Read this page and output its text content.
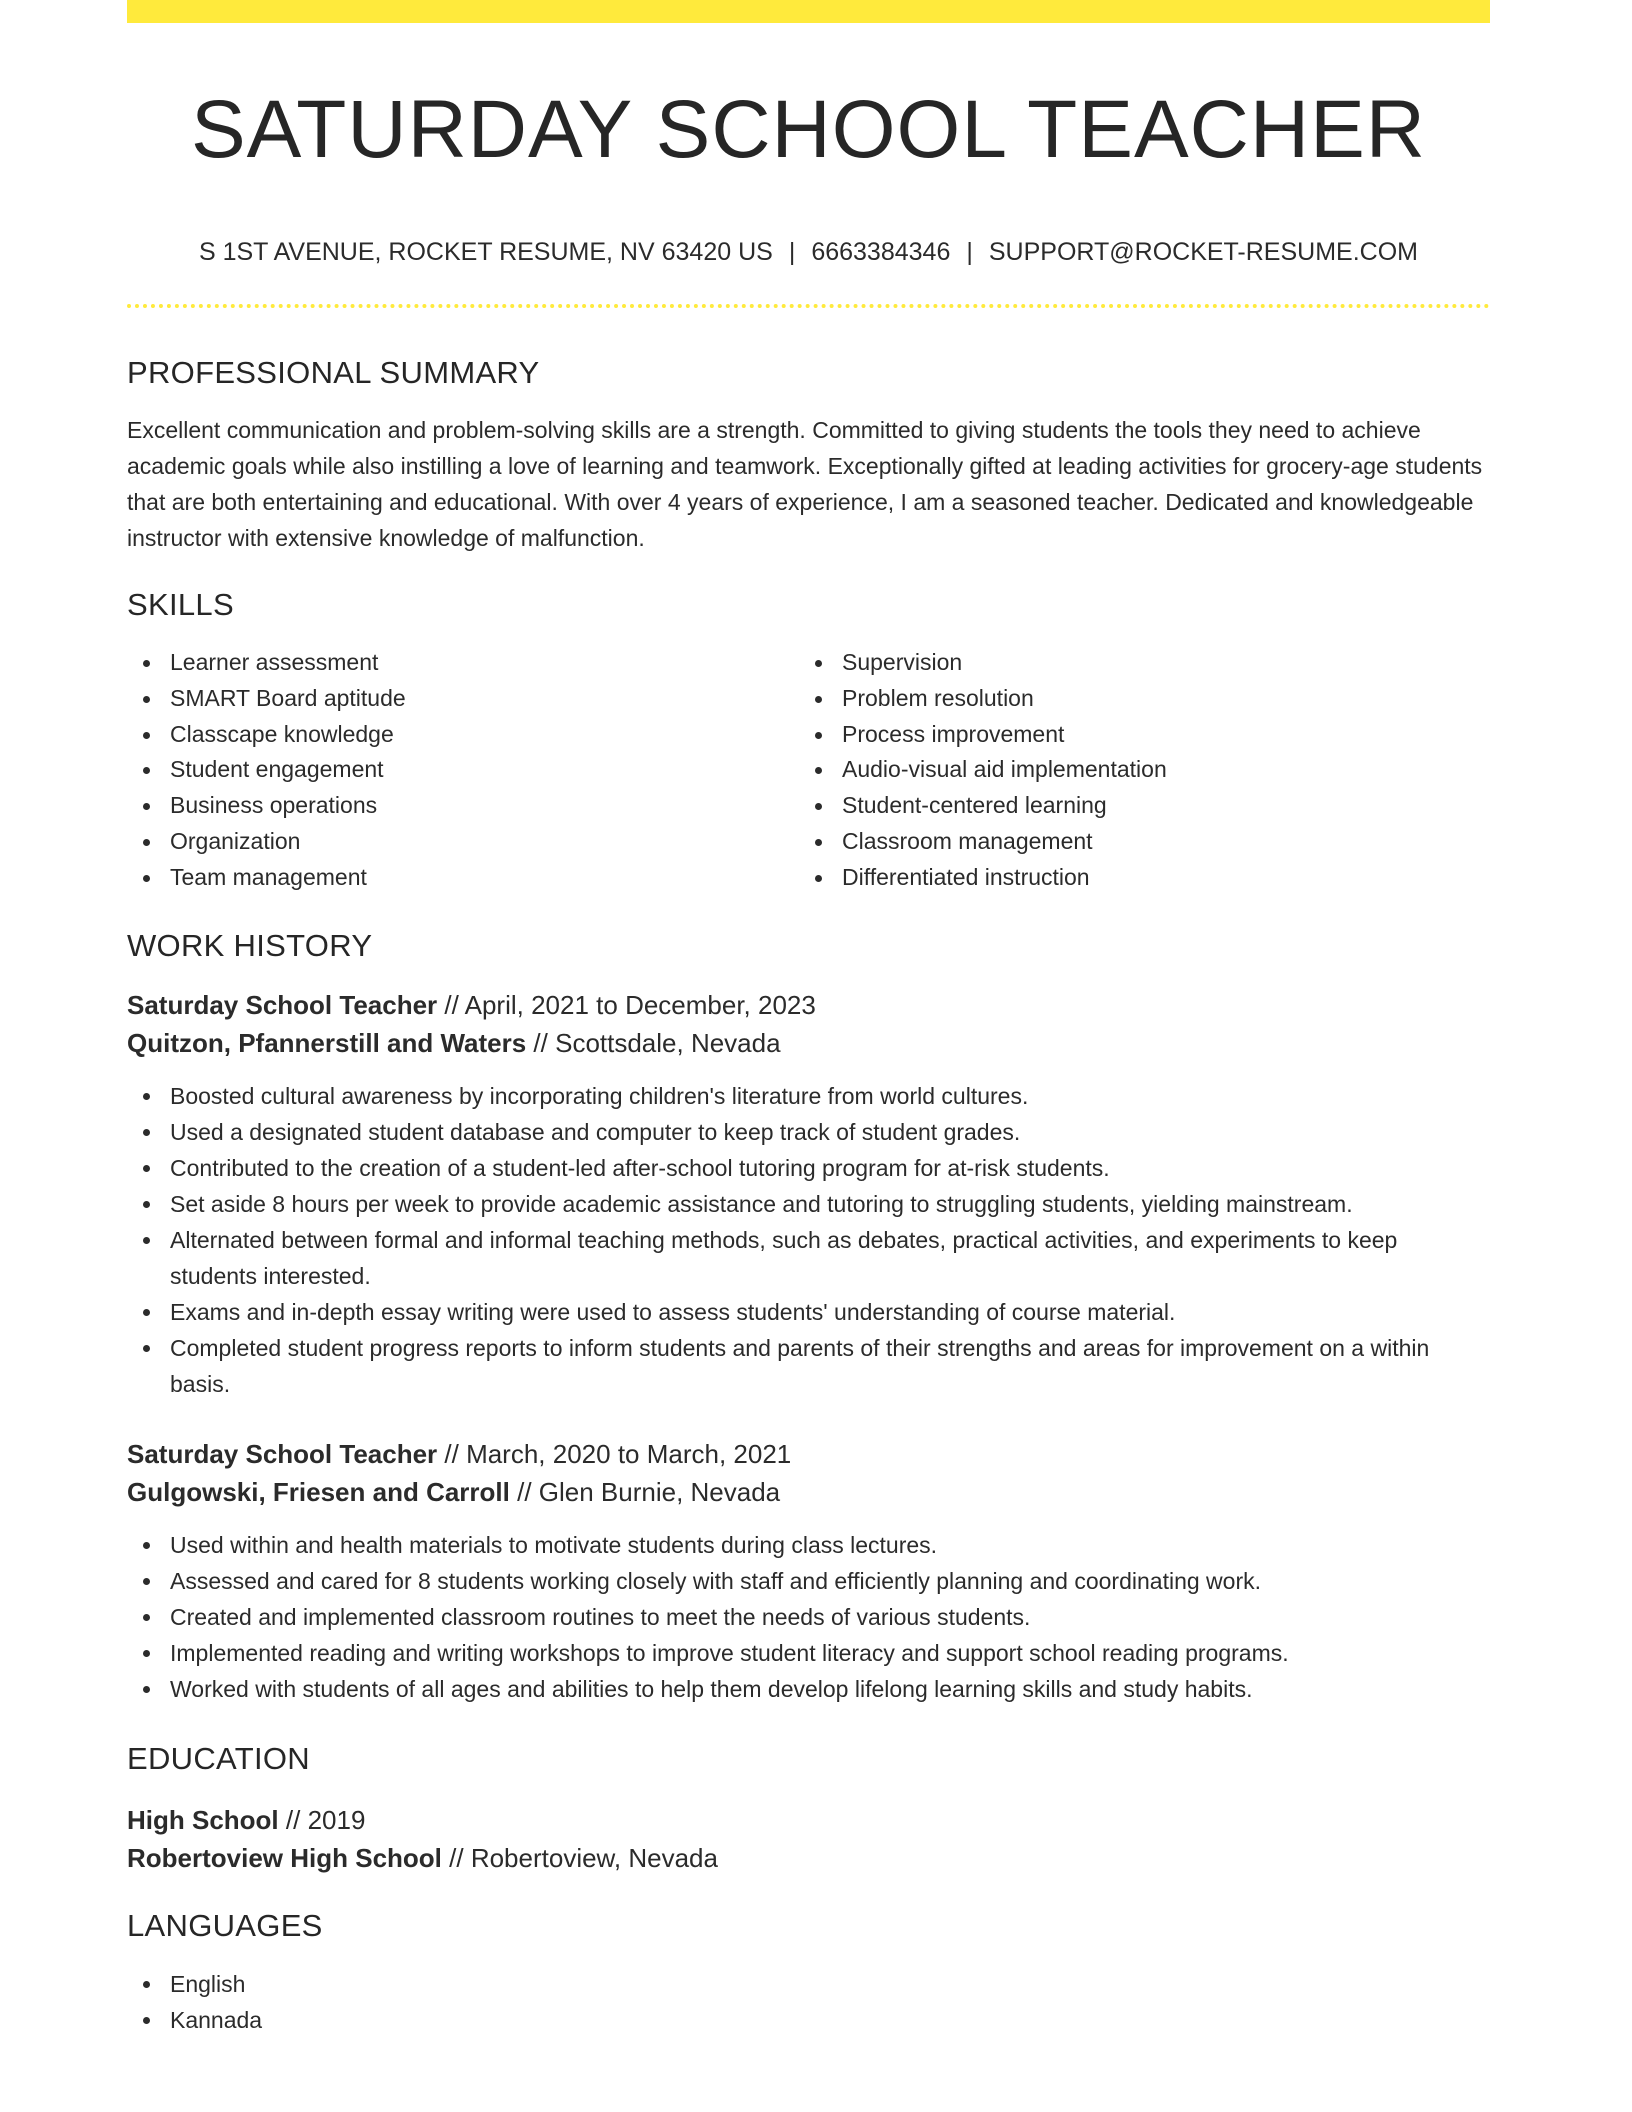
SATURDAY SCHOOL TEACHER
S 1ST AVENUE, ROCKET RESUME, NV 63420 US | 6663384346 | SUPPORT@ROCKET-RESUME.COM
PROFESSIONAL SUMMARY
Excellent communication and problem-solving skills are a strength. Committed to giving students the tools they need to achieve academic goals while also instilling a love of learning and teamwork. Exceptionally gifted at leading activities for grocery-age students that are both entertaining and educational. With over 4 years of experience, I am a seasoned teacher. Dedicated and knowledgeable instructor with extensive knowledge of malfunction.
SKILLS
Learner assessment
SMART Board aptitude
Classcape knowledge
Student engagement
Business operations
Organization
Team management
Supervision
Problem resolution
Process improvement
Audio-visual aid implementation
Student-centered learning
Classroom management
Differentiated instruction
WORK HISTORY
Saturday School Teacher // April, 2021 to December, 2023
Quitzon, Pfannerstill and Waters // Scottsdale, Nevada
Boosted cultural awareness by incorporating children's literature from world cultures.
Used a designated student database and computer to keep track of student grades.
Contributed to the creation of a student-led after-school tutoring program for at-risk students.
Set aside 8 hours per week to provide academic assistance and tutoring to struggling students, yielding mainstream.
Alternated between formal and informal teaching methods, such as debates, practical activities, and experiments to keep students interested.
Exams and in-depth essay writing were used to assess students' understanding of course material.
Completed student progress reports to inform students and parents of their strengths and areas for improvement on a within basis.
Saturday School Teacher // March, 2020 to March, 2021
Gulgowski, Friesen and Carroll // Glen Burnie, Nevada
Used within and health materials to motivate students during class lectures.
Assessed and cared for 8 students working closely with staff and efficiently planning and coordinating work.
Created and implemented classroom routines to meet the needs of various students.
Implemented reading and writing workshops to improve student literacy and support school reading programs.
Worked with students of all ages and abilities to help them develop lifelong learning skills and study habits.
EDUCATION
High School // 2019
Robertoview High School // Robertoview, Nevada
LANGUAGES
English
Kannada
